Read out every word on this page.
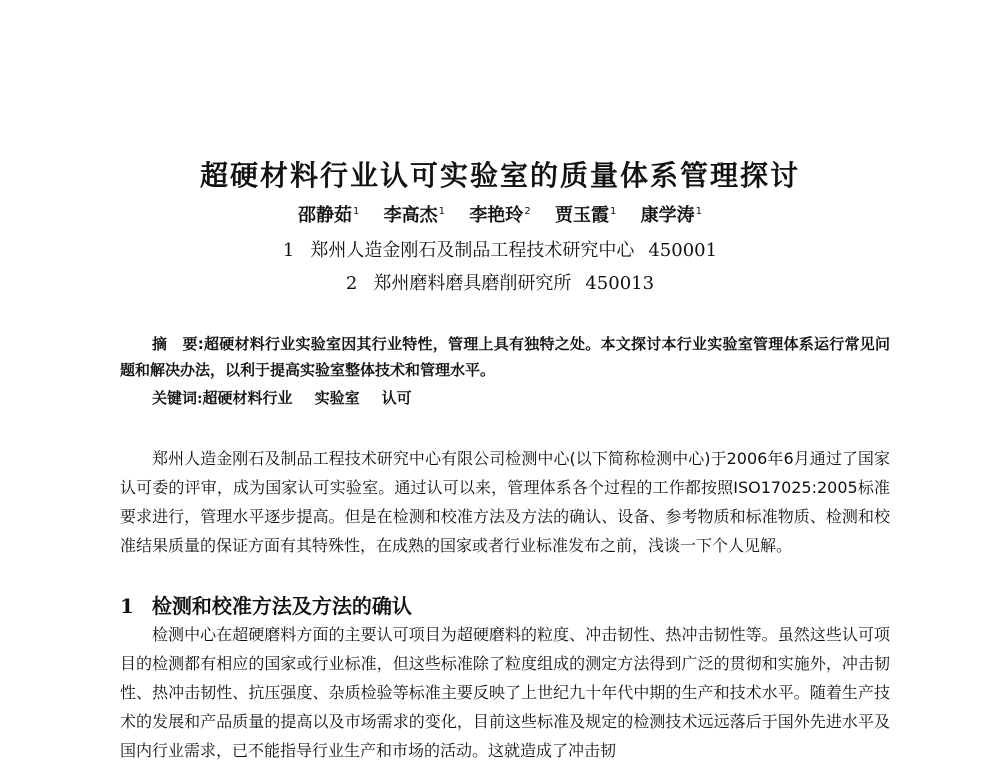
超硬材料行业认可实验室的质量体系管理探讨
邵静茹$^1$ 李高杰$^1$ 李艳玲$^2$ 贾玉霞$^1$ 康学涛$^1$
1 郑州人造金刚石及制品工程技术研究中心 450001
2 郑州磨料磨具磨削研究所 450013
摘　要:超硬材料行业实验室因其行业特性，管理上具有独特之处。本文探讨本行业实验室管理体系运行常见问题和解决办法，以利于提高实验室整体技术和管理水平。
关键词:超硬材料行业 实验室 认可
郑州人造金刚石及制品工程技术研究中心有限公司检测中心(以下简称检测中心)于2006年6月通过了国家认可委的评审，成为国家认可实验室。通过认可以来，管理体系各个过程的工作都按照ISO17025:2005标准要求进行，管理水平逐步提高。但是在检测和校准方法及方法的确认、设备、参考物质和标准物质、检测和校准结果质量的保证方面有其特殊性，在成熟的国家或者行业标准发布之前，浅谈一下个人见解。
1 检测和校准方法及方法的确认
检测中心在超硬磨料方面的主要认可项目为超硬磨料的粒度、冲击韧性、热冲击韧性等。虽然这些认可项目的检测都有相应的国家或行业标准，但这些标准除了粒度组成的测定方法得到广泛的贯彻和实施外，冲击韧性、热冲击韧性、抗压强度、杂质检验等标准主要反映了上世纪九十年代中期的生产和技术水平。随着生产技术的发展和产品质量的提高以及市场需求的变化，目前这些标准及规定的检测技术远远落后于国外先进水平及国内行业需求，已不能指导行业生产和市场的活动。这就造成了冲击韧
